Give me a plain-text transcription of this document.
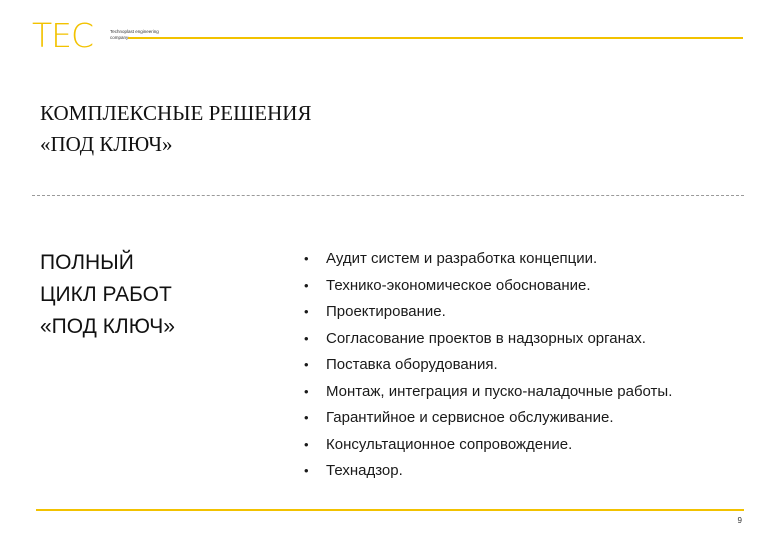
TEC	Technoplast engineering company
КОМПЛЕКСНЫЕ РЕШЕНИЯ
«ПОД КЛЮЧ»
ПОЛНЫЙ
ЦИКЛ РАБОТ
«ПОД КЛЮЧ»
•	Аудит систем и разработка концепции.
•	Технико-экономическое обоснование.
•	Проектирование.
•	Согласование проектов в надзорных органах.
•	Поставка оборудования.
•	Монтаж, интеграция и пуско-наладочные работы.
•	Гарантийное и сервисное обслуживание.
•	Консультационное сопровождение.
•	Технадзор.
9
